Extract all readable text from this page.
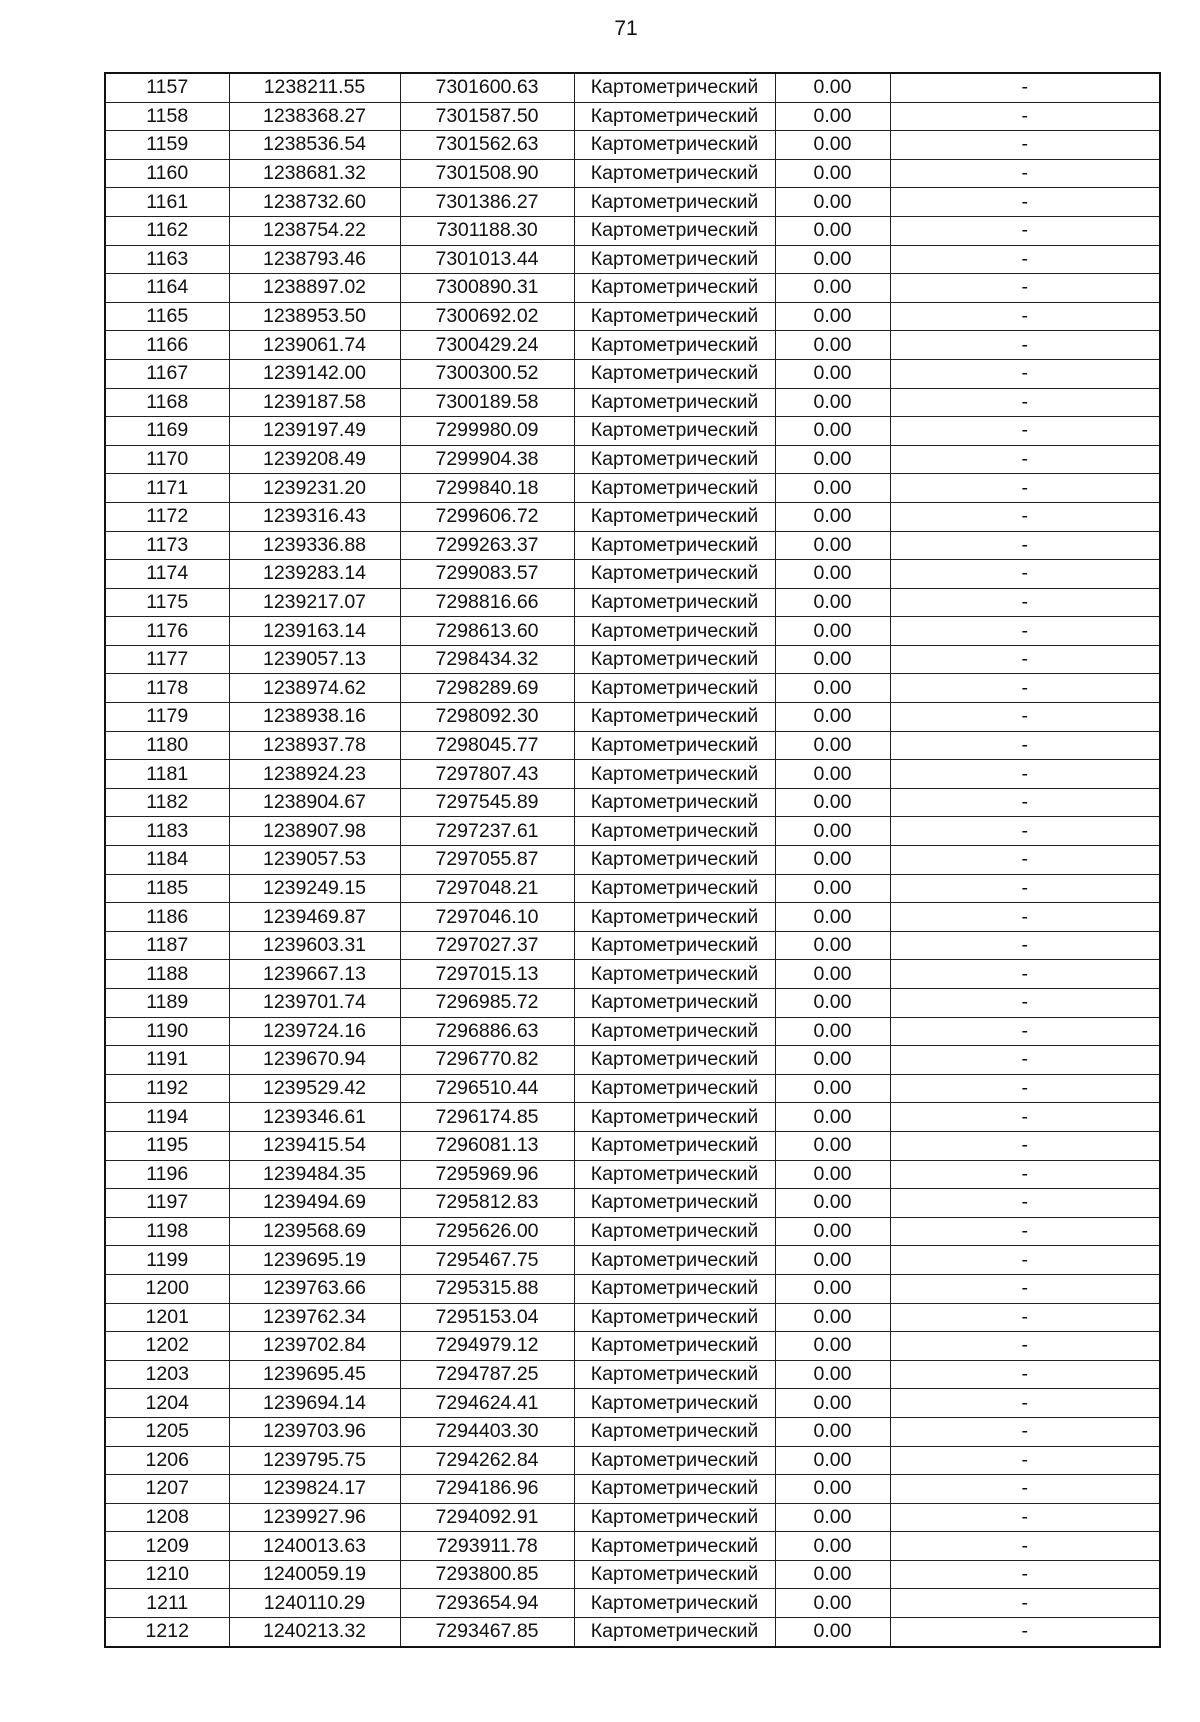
71
1157	1238211.55	7301600.63	Картометрический	0.00	-
1158	1238368.27	7301587.50	Картометрический	0.00	-
1159	1238536.54	7301562.63	Картометрический	0.00	-
1160	1238681.32	7301508.90	Картометрический	0.00	-
1161	1238732.60	7301386.27	Картометрический	0.00	-
1162	1238754.22	7301188.30	Картометрический	0.00	-
1163	1238793.46	7301013.44	Картометрический	0.00	-
1164	1238897.02	7300890.31	Картометрический	0.00	-
1165	1238953.50	7300692.02	Картометрический	0.00	-
1166	1239061.74	7300429.24	Картометрический	0.00	-
1167	1239142.00	7300300.52	Картометрический	0.00	-
1168	1239187.58	7300189.58	Картометрический	0.00	-
1169	1239197.49	7299980.09	Картометрический	0.00	-
1170	1239208.49	7299904.38	Картометрический	0.00	-
1171	1239231.20	7299840.18	Картометрический	0.00	-
1172	1239316.43	7299606.72	Картометрический	0.00	-
1173	1239336.88	7299263.37	Картометрический	0.00	-
1174	1239283.14	7299083.57	Картометрический	0.00	-
1175	1239217.07	7298816.66	Картометрический	0.00	-
1176	1239163.14	7298613.60	Картометрический	0.00	-
1177	1239057.13	7298434.32	Картометрический	0.00	-
1178	1238974.62	7298289.69	Картометрический	0.00	-
1179	1238938.16	7298092.30	Картометрический	0.00	-
1180	1238937.78	7298045.77	Картометрический	0.00	-
1181	1238924.23	7297807.43	Картометрический	0.00	-
1182	1238904.67	7297545.89	Картометрический	0.00	-
1183	1238907.98	7297237.61	Картометрический	0.00	-
1184	1239057.53	7297055.87	Картометрический	0.00	-
1185	1239249.15	7297048.21	Картометрический	0.00	-
1186	1239469.87	7297046.10	Картометрический	0.00	-
1187	1239603.31	7297027.37	Картометрический	0.00	-
1188	1239667.13	7297015.13	Картометрический	0.00	-
1189	1239701.74	7296985.72	Картометрический	0.00	-
1190	1239724.16	7296886.63	Картометрический	0.00	-
1191	1239670.94	7296770.82	Картометрический	0.00	-
1192	1239529.42	7296510.44	Картометрический	0.00	-
1194	1239346.61	7296174.85	Картометрический	0.00	-
1195	1239415.54	7296081.13	Картометрический	0.00	-
1196	1239484.35	7295969.96	Картометрический	0.00	-
1197	1239494.69	7295812.83	Картометрический	0.00	-
1198	1239568.69	7295626.00	Картометрический	0.00	-
1199	1239695.19	7295467.75	Картометрический	0.00	-
1200	1239763.66	7295315.88	Картометрический	0.00	-
1201	1239762.34	7295153.04	Картометрический	0.00	-
1202	1239702.84	7294979.12	Картометрический	0.00	-
1203	1239695.45	7294787.25	Картометрический	0.00	-
1204	1239694.14	7294624.41	Картометрический	0.00	-
1205	1239703.96	7294403.30	Картометрический	0.00	-
1206	1239795.75	7294262.84	Картометрический	0.00	-
1207	1239824.17	7294186.96	Картометрический	0.00	-
1208	1239927.96	7294092.91	Картометрический	0.00	-
1209	1240013.63	7293911.78	Картометрический	0.00	-
1210	1240059.19	7293800.85	Картометрический	0.00	-
1211	1240110.29	7293654.94	Картометрический	0.00	-
1212	1240213.32	7293467.85	Картометрический	0.00	-
